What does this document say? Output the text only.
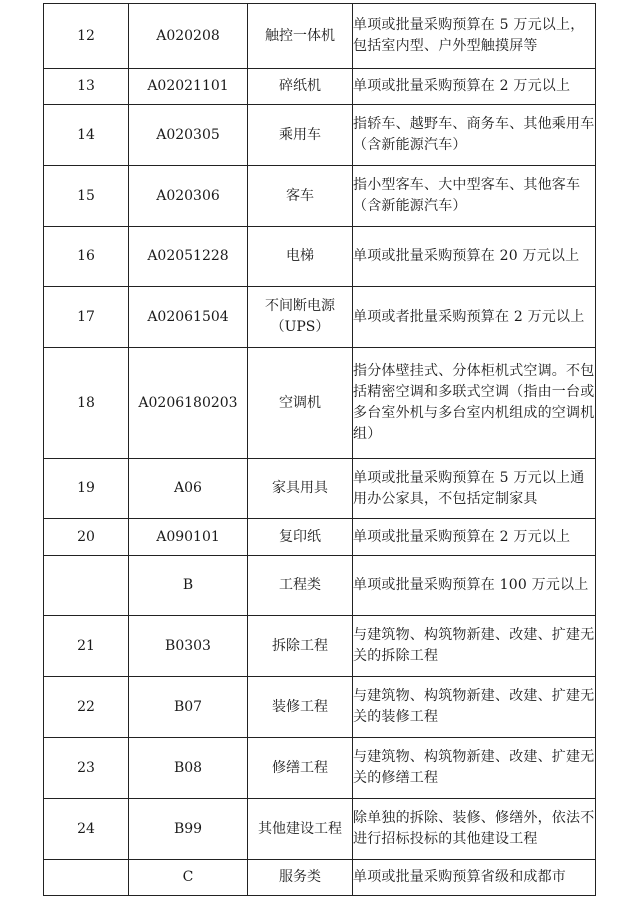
12	A020208	触控一体机	单项或批量采购预算在 5 万元以上，包括室内型、户外型触摸屏等
13	A02021101	碎纸机	单项或批量采购预算在 2 万元以上
14	A020305	乘用车	指轿车、越野车、商务车、其他乘用车（含新能源汽车）
15	A020306	客车	指小型客车、大中型客车、其他客车（含新能源汽车）
16	A02051228	电梯	单项或批量采购预算在 20 万元以上
17	A02061504	不间断电源（UPS）	单项或者批量采购预算在 2 万元以上
18	A0206180203	空调机	指分体壁挂式、分体柜机式空调。不包括精密空调和多联式空调（指由一台或多台室外机与多台室内机组成的空调机组）
19	A06	家具用具	单项或批量采购预算在 5 万元以上通用办公家具，不包括定制家具
20	A090101	复印纸	单项或批量采购预算在 2 万元以上
	B	工程类	单项或批量采购预算在 100 万元以上
21	B0303	拆除工程	与建筑物、构筑物新建、改建、扩建无关的拆除工程
22	B07	装修工程	与建筑物、构筑物新建、改建、扩建无关的装修工程
23	B08	修缮工程	与建筑物、构筑物新建、改建、扩建无关的修缮工程
24	B99	其他建设工程	除单独的拆除、装修、修缮外，依法不进行招标投标的其他建设工程
	C	服务类	单项或批量采购预算省级和成都市
